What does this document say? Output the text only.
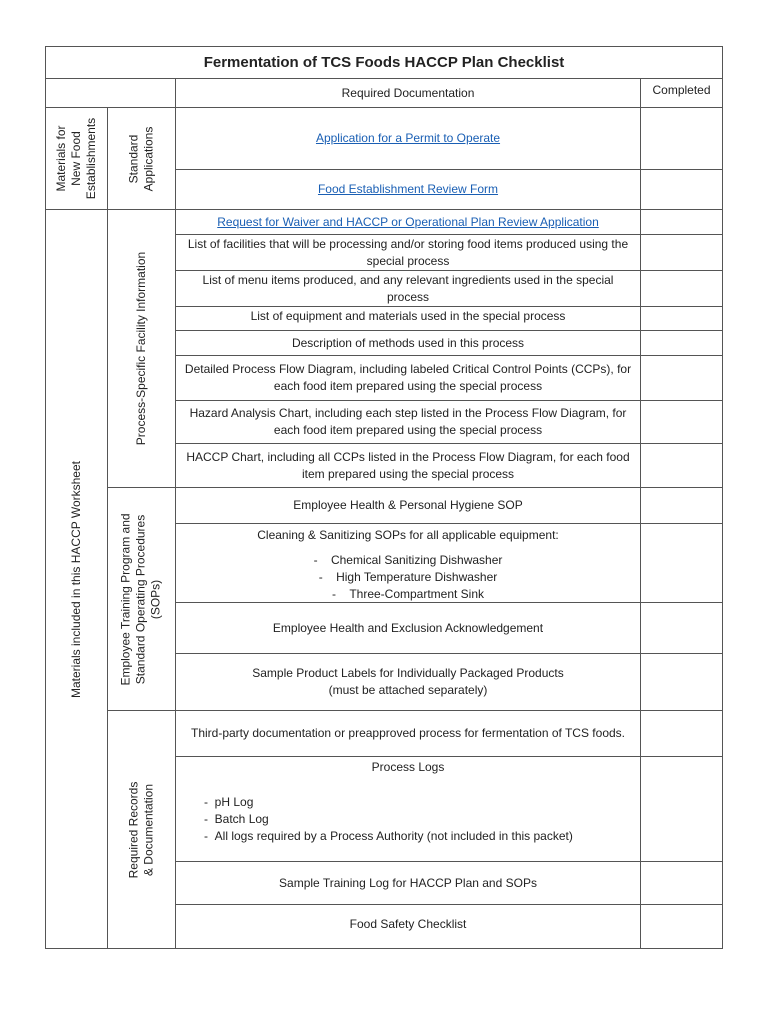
Fermentation of TCS Foods HACCP Plan Checklist
Required Documentation	Completed
Materials for New Food Establishments Standard Applications
Materials included in this HACCP Worksheet
Process-Specific Facility Information
Employee Training Program and Standard Operating Procedures (SOPs)
Required Records & Documentation
Application for a Permit to Operate
Food Establishment Review Form
Request for Waiver and HACCP or Operational Plan Review Application
List of facilities that will be processing and/or storing food items produced using the special process
List of menu items produced, and any relevant ingredients used in the special process
List of equipment and materials used in the special process
Description of methods used in this process
Detailed Process Flow Diagram, including labeled Critical Control Points (CCPs), for each food item prepared using the special process
Hazard Analysis Chart, including each step listed in the Process Flow Diagram, for each food item prepared using the special process
HACCP Chart, including all CCPs listed in the Process Flow Diagram, for each food item prepared using the special process
Employee Health & Personal Hygiene SOP
Cleaning & Sanitizing SOPs for all applicable equipment:
-    Chemical Sanitizing Dishwasher
-    High Temperature Dishwasher
-    Three-Compartment Sink
Employee Health and Exclusion Acknowledgement
Sample Product Labels for Individually Packaged Products
(must be attached separately)
Third-party documentation or preapproved process for fermentation of TCS foods.
Process Logs
-  pH Log
-  Batch Log
-  All logs required by a Process Authority (not included in this packet)
Sample Training Log for HACCP Plan and SOPs
Food Safety Checklist
